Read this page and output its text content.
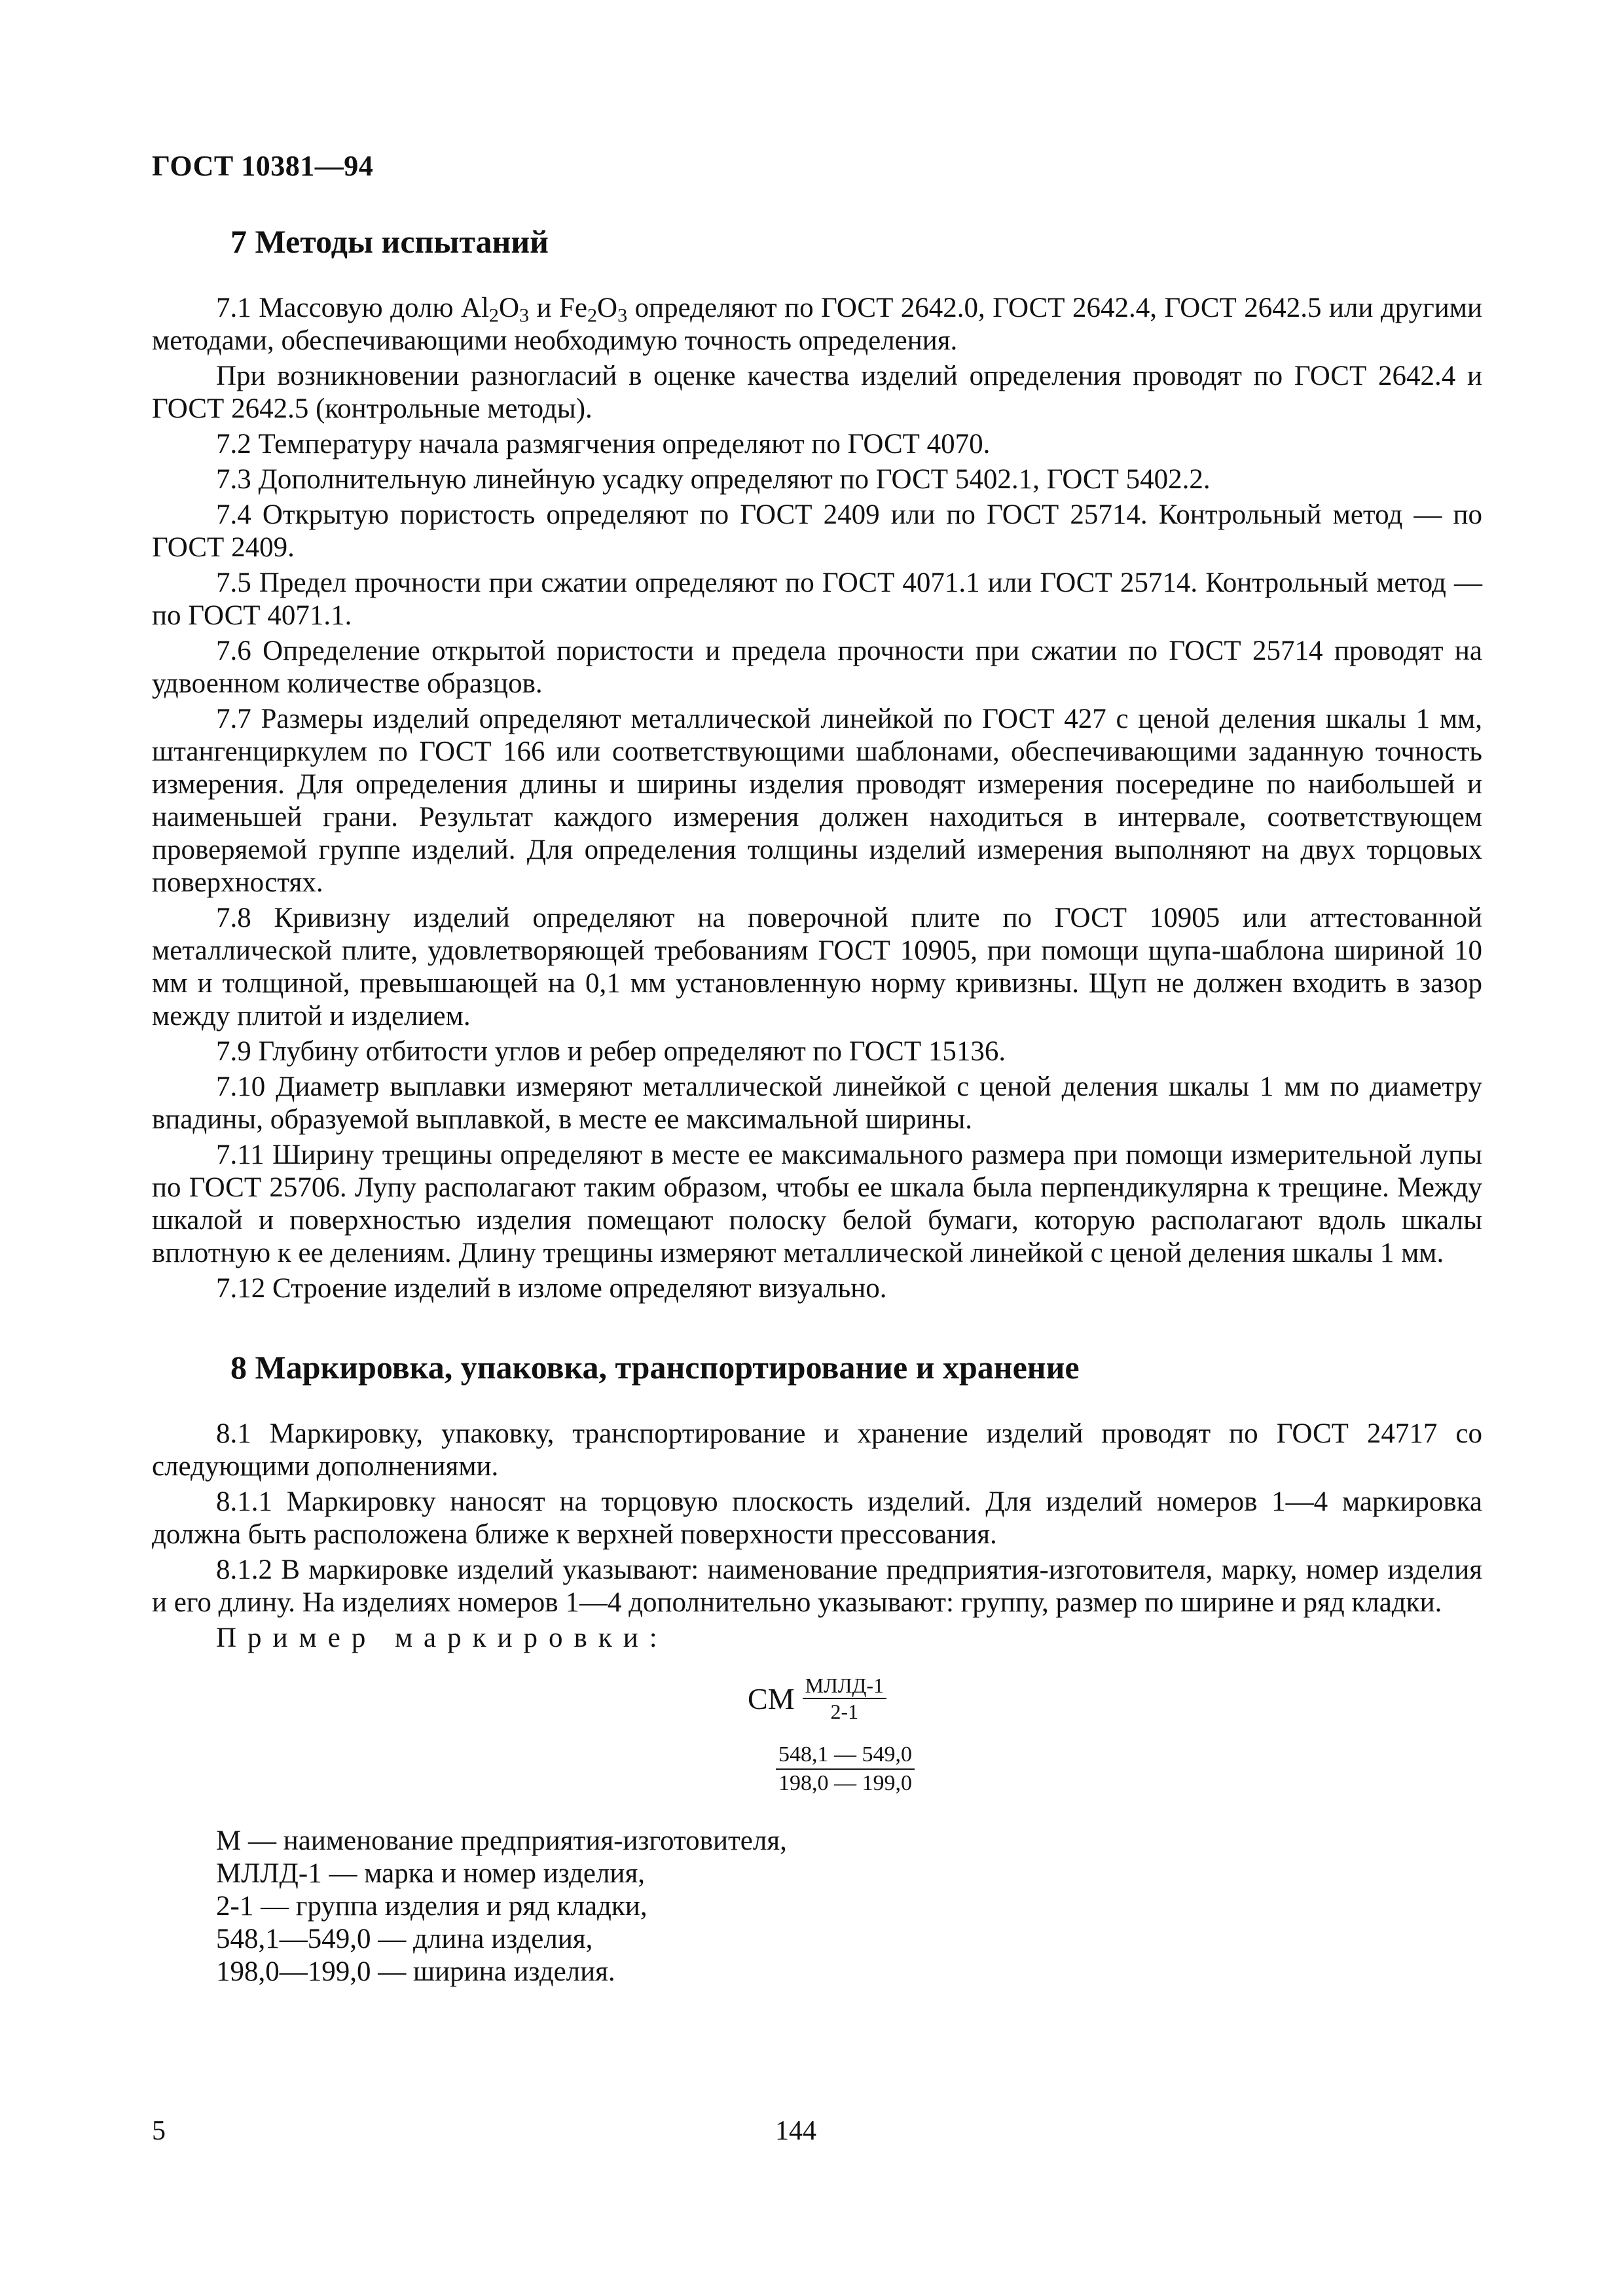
ГОСТ 10381—94
7 Методы испытаний
7.1 Массовую долю $Al_2O_3$ и $Fe_2O_3$ определяют по ГОСТ 2642.0, ГОСТ 2642.4, ГОСТ 2642.5 или другими методами, обеспечивающими необходимую точность определения.
При возникновении разногласий в оценке качества изделий определения проводят по ГОСТ 2642.4 и ГОСТ 2642.5 (контрольные методы).
7.2 Температуру начала размягчения определяют по ГОСТ 4070.
7.3 Дополнительную линейную усадку определяют по ГОСТ 5402.1, ГОСТ 5402.2.
7.4 Открытую пористость определяют по ГОСТ 2409 или по ГОСТ 25714. Контрольный метод — по ГОСТ 2409.
7.5 Предел прочности при сжатии определяют по ГОСТ 4071.1 или ГОСТ 25714. Контрольный метод — по ГОСТ 4071.1.
7.6 Определение открытой пористости и предела прочности при сжатии по ГОСТ 25714 проводят на удвоенном количестве образцов.
7.7 Размеры изделий определяют металлической линейкой по ГОСТ 427 с ценой деления шкалы 1 мм, штангенциркулем по ГОСТ 166 или соответствующими шаблонами, обеспечивающими заданную точность измерения. Для определения длины и ширины изделия проводят измерения посередине по наибольшей и наименьшей грани. Результат каждого измерения должен находиться в интервале, соответствующем проверяемой группе изделий. Для определения толщины изделий измерения выполняют на двух торцовых поверхностях.
7.8 Кривизну изделий определяют на поверочной плите по ГОСТ 10905 или аттестованной металлической плите, удовлетворяющей требованиям ГОСТ 10905, при помощи щупа-шаблона шириной 10 мм и толщиной, превышающей на 0,1 мм установленную норму кривизны. Щуп не должен входить в зазор между плитой и изделием.
7.9 Глубину отбитости углов и ребер определяют по ГОСТ 15136.
7.10 Диаметр выплавки измеряют металлической линейкой с ценой деления шкалы 1 мм по диаметру впадины, образуемой выплавкой, в месте ее максимальной ширины.
7.11 Ширину трещины определяют в месте ее максимального размера при помощи измерительной лупы по ГОСТ 25706. Лупу располагают таким образом, чтобы ее шкала была перпендикулярна к трещине. Между шкалой и поверхностью изделия помещают полоску белой бумаги, которую располагают вдоль шкалы вплотную к ее делениям. Длину трещины измеряют металлической линейкой с ценой деления шкалы 1 мм.
7.12 Строение изделий в изломе определяют визуально.
8 Маркировка, упаковка, транспортирование и хранение
8.1 Маркировку, упаковку, транспортирование и хранение изделий проводят по ГОСТ 24717 со следующими дополнениями.
8.1.1 Маркировку наносят на торцовую плоскость изделий. Для изделий номеров 1—4 маркировка должна быть расположена ближе к верхней поверхности прессования.
8.1.2 В маркировке изделий указывают: наименование предприятия-изготовителя, марку, номер изделия и его длину. На изделиях номеров 1—4 дополнительно указывают: группу, размер по ширине и ряд кладки.
Пример маркировки:
СМ $\frac{\text{МЛЛД-1}}{2-1}$
$\frac{548,1 — 549,0}{198,0 — 199,0}$
М — наименование предприятия-изготовителя,
МЛЛД-1 — марка и номер изделия,
2-1 — группа изделия и ряд кладки,
548,1—549,0 — длина изделия,
198,0—199,0 — ширина изделия.
5	144
